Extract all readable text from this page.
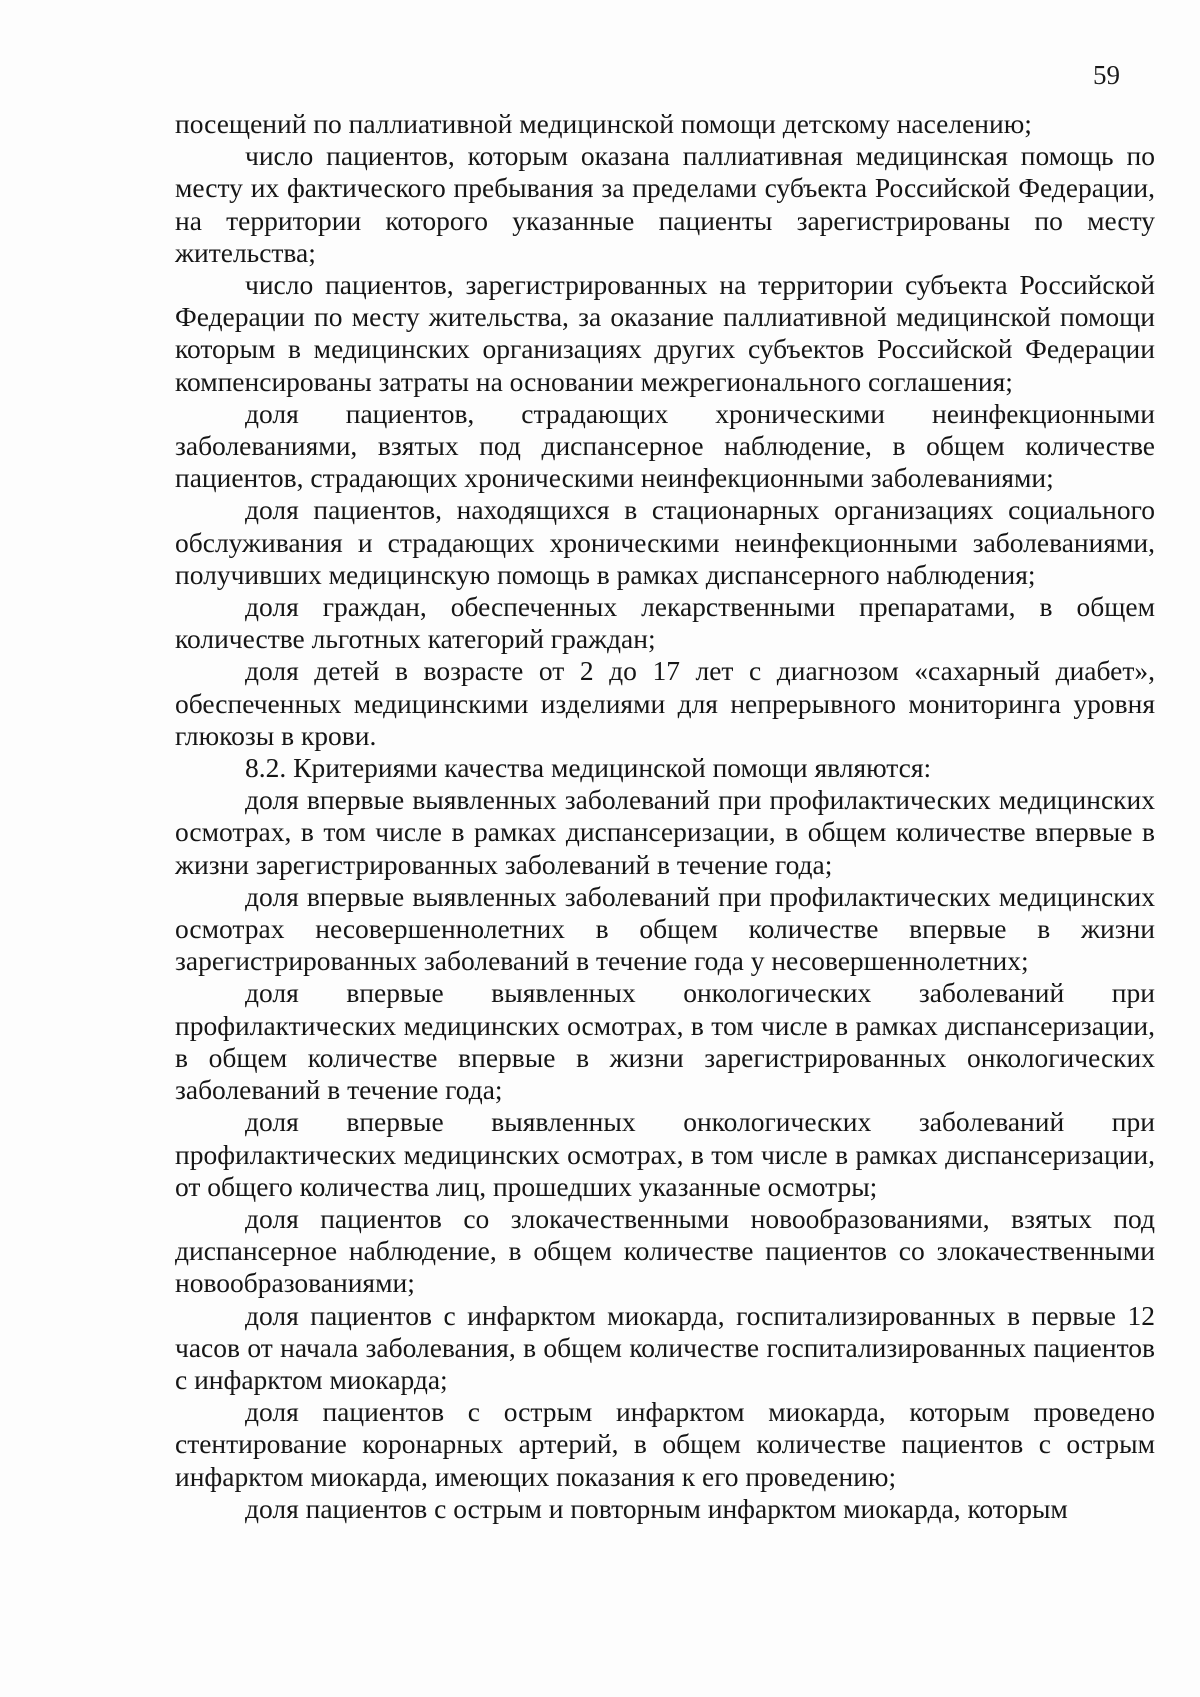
59

посещений по паллиативной медицинской помощи детскому населению;

число пациентов, которым оказана паллиативная медицинская помощь по месту их фактического пребывания за пределами субъекта Российской Федерации, на территории которого указанные пациенты зарегистрированы по месту жительства;

число пациентов, зарегистрированных на территории субъекта Российской Федерации по месту жительства, за оказание паллиативной медицинской помощи которым в медицинских организациях других субъектов Российской Федерации компенсированы затраты на основании межрегионального соглашения;

доля пациентов, страдающих хроническими неинфекционными заболеваниями, взятых под диспансерное наблюдение, в общем количестве пациентов, страдающих хроническими неинфекционными заболеваниями;

доля пациентов, находящихся в стационарных организациях социального обслуживания и страдающих хроническими неинфекционными заболеваниями, получивших медицинскую помощь в рамках диспансерного наблюдения;

доля граждан, обеспеченных лекарственными препаратами, в общем количестве льготных категорий граждан;

доля детей в возрасте от 2 до 17 лет с диагнозом «сахарный диабет», обеспеченных медицинскими изделиями для непрерывного мониторинга уровня глюкозы в крови.

8.2. Критериями качества медицинской помощи являются:

доля впервые выявленных заболеваний при профилактических медицинских осмотрах, в том числе в рамках диспансеризации, в общем количестве впервые в жизни зарегистрированных заболеваний в течение года;

доля впервые выявленных заболеваний при профилактических медицинских осмотрах несовершеннолетних в общем количестве впервые в жизни зарегистрированных заболеваний в течение года у несовершеннолетних;

доля впервые выявленных онкологических заболеваний при профилактических медицинских осмотрах, в том числе в рамках диспансеризации, в общем количестве впервые в жизни зарегистрированных онкологических заболеваний в течение года;

доля впервые выявленных онкологических заболеваний при профилактических медицинских осмотрах, в том числе в рамках диспансеризации, от общего количества лиц, прошедших указанные осмотры;

доля пациентов со злокачественными новообразованиями, взятых под диспансерное наблюдение, в общем количестве пациентов со злокачественными новообразованиями;

доля пациентов с инфарктом миокарда, госпитализированных в первые 12 часов от начала заболевания, в общем количестве госпитализированных пациентов с инфарктом миокарда;

доля пациентов с острым инфарктом миокарда, которым проведено стентирование коронарных артерий, в общем количестве пациентов с острым инфарктом миокарда, имеющих показания к его проведению;

доля пациентов с острым и повторным инфарктом миокарда, которым
